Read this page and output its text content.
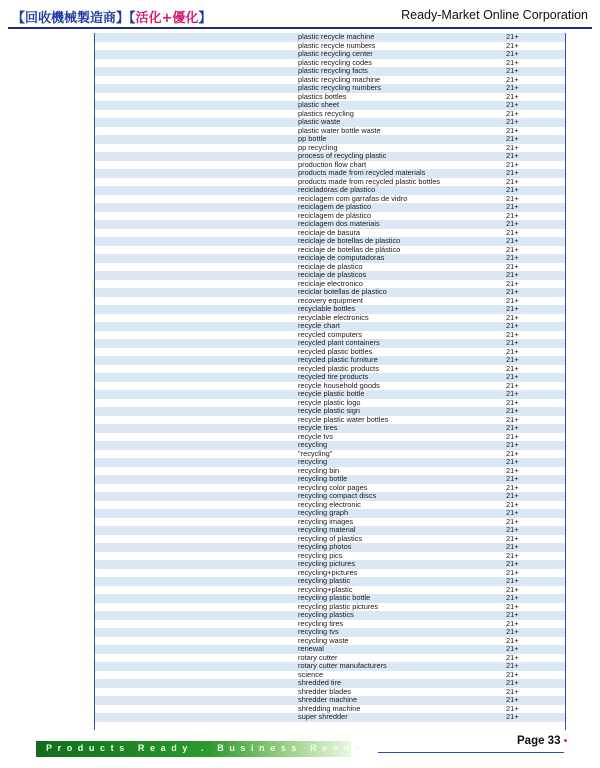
【回收機械製造商】【活化+優化】	Ready-Market Online Corporation
plastic recycle machine	21+
plastic recycle numbers	21+
plastic recycling center	21+
plastic recycling codes	21+
plastic recycling facts	21+
plastic recycling machine	21+
plastic recycling numbers	21+
plastics bottles	21+
plastic sheet	21+
plastics recycling	21+
plastic waste	21+
plastic water bottle waste	21+
pp bottle	21+
pp recycling	21+
process of recycling plastic	21+
production flow chart	21+
products made from recycled materials	21+
products made from recycled plastic bottles	21+
recicladoras de plastico	21+
reciclagem com garrafas de vidro	21+
reciclagem de plastico	21+
reciclagem de plástico	21+
reciclagem dos materiais	21+
reciclaje de basura	21+
reciclaje de botellas de plastico	21+
reciclaje de botellas de plástico	21+
reciclaje de computadoras	21+
reciclaje de plastico	21+
reciclaje de plasticos	21+
reciclaje electronico	21+
reciclar botellas de plastico	21+
recovery equipment	21+
recyclable bottles	21+
recyclable electronics	21+
recycle chart	21+
recycled computers	21+
recycled plant containers	21+
recycled plastic bottles	21+
recycled plastic furniture	21+
recycled plastic products	21+
recycled tire products	21+
recycle household goods	21+
recycle plastic bottle	21+
recycle plastic logo	21+
recycle plastic sign	21+
recycle plastic water bottles	21+
recycle tires	21+
recycle tvs	21+
recycling	21+
"recycling"	21+
recycling	21+
recycling bin	21+
recycling bottle	21+
recycling color pages	21+
recycling compact discs	21+
recycling electronic	21+
recycling graph	21+
recycling images	21+
recycling material	21+
recycling of plastics	21+
recycling photos	21+
recycling pics	21+
recycling pictures	21+
recycling+pictures	21+
recycling plastic	21+
recycling+plastic	21+
recycling plastic bottle	21+
recycling plastic pictures	21+
recycling plastics	21+
recycling tires	21+
recycling tvs	21+
recycling waste	21+
renewal	21+
rotary cutter	21+
rotary cutter manufacturers	21+
science	21+
shredded tire	21+
shredder blades	21+
shredder machine	21+
shredding machine	21+
super shredder	21+
Products Ready . Business Ready
Page 33 •
